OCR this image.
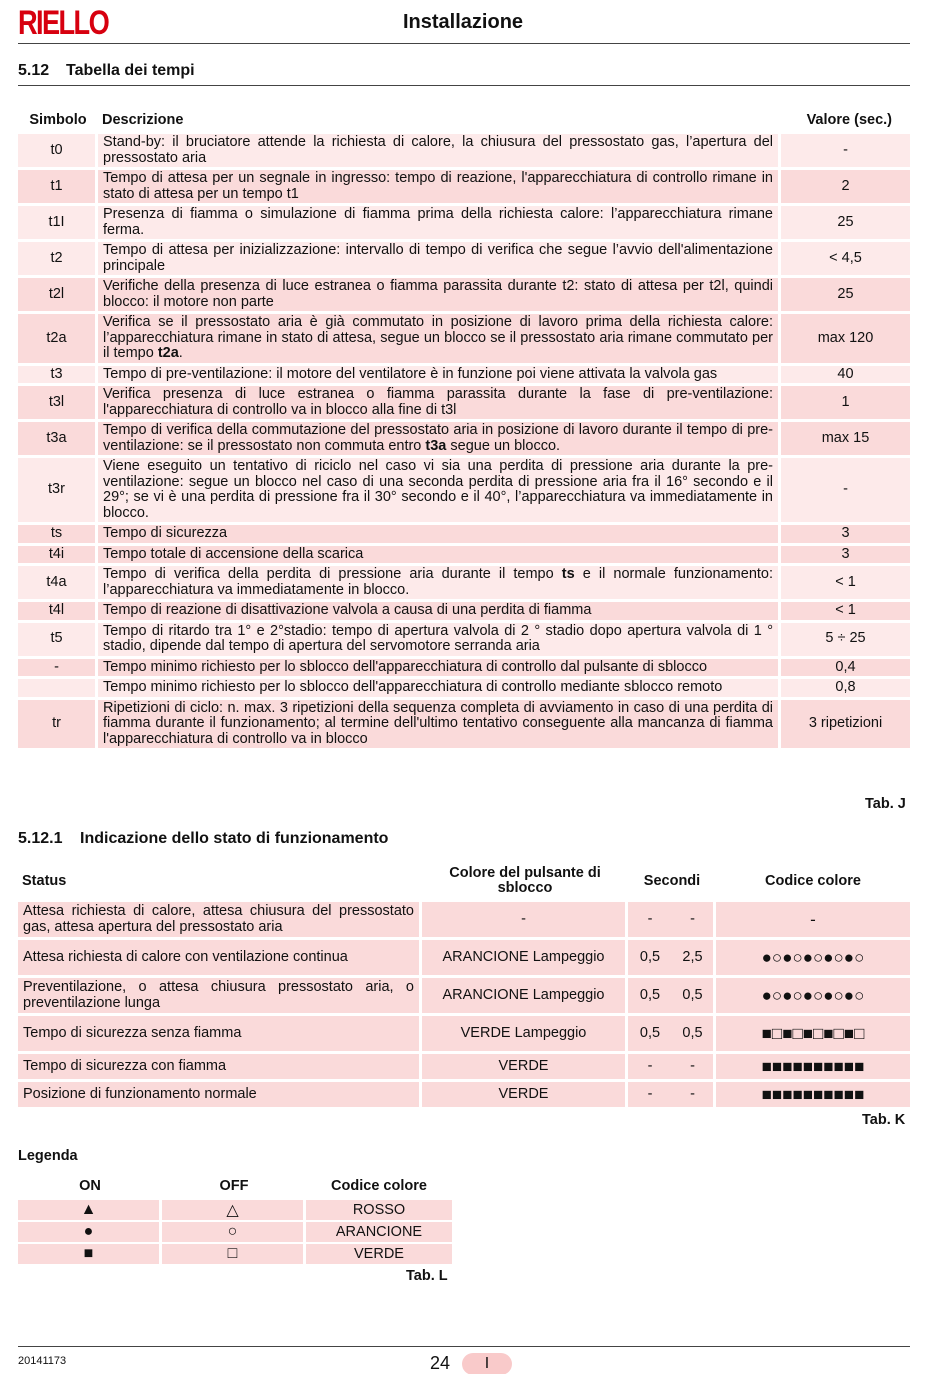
RIELLO	Installazione
5.12 Tabella dei tempi
Simbolo	Descrizione	Valore (sec.)
t0	Stand-by: il bruciatore attende la richiesta di calore, la chiusura del pressostato gas, l’apertura del pressostato aria	-
t1	Tempo di attesa per un segnale in ingresso: tempo di reazione, l'apparecchiatura di controllo rimane in stato di attesa per un tempo t1	2
t1I	Presenza di fiamma o simulazione di fiamma prima della richiesta calore: l’apparecchiatura rimane ferma.	25
t2	Tempo di attesa per inizializzazione: intervallo di tempo di verifica che segue l’avvio dell'alimentazione principale	< 4,5
t2l	Verifiche della presenza di luce estranea o fiamma parassita durante t2: stato di attesa per t2l, quindi blocco: il motore non parte	25
t2a	Verifica se il pressostato aria è già commutato in posizione di lavoro prima della richiesta calore: l’apparecchiatura rimane in stato di attesa, segue un blocco se il pressostato aria rimane commutato per il tempo t2a.	max 120
t3	Tempo di pre-ventilazione: il motore del ventilatore è in funzione poi viene attivata la valvola gas	40
t3l	Verifica presenza di luce estranea o fiamma parassita durante la fase di pre-ventilazione: l'apparecchiatura di controllo va in blocco alla fine di t3l	1
t3a	Tempo di verifica della commutazione del pressostato aria in posizione di lavoro durante il tempo di pre-ventilazione: se il pressostato non commuta entro t3a segue un blocco.	max 15
t3r	Viene eseguito un tentativo di riciclo nel caso vi sia una perdita di pressione aria durante la pre-ventilazione: segue un blocco nel caso di una seconda perdita di pressione aria fra il 16° secondo e il 29°; se vi è una perdita di pressione fra il 30° secondo e il 40°, l’apparecchiatura va immediatamente in blocco.	-
ts	Tempo di sicurezza	3
t4i	Tempo totale di accensione della scarica	3
t4a	Tempo di verifica della perdita di pressione aria durante il tempo ts e il normale funzionamento: l’apparecchiatura va immediatamente in blocco.	< 1
t4l	Tempo di reazione di disattivazione valvola a causa di una perdita di fiamma	< 1
t5	Tempo di ritardo tra 1° e 2°stadio: tempo di apertura valvola di 2 ° stadio dopo apertura valvola di 1 ° stadio, dipende dal tempo di apertura del servomotore serranda aria	5 ÷ 25
-	Tempo minimo richiesto per lo sblocco dell'apparecchiatura di controllo dal pulsante di sblocco	0,4
	Tempo minimo richiesto per lo sblocco dell'apparecchiatura di controllo mediante sblocco remoto	0,8
tr	Ripetizioni di ciclo: n. max. 3 ripetizioni della sequenza completa di avviamento in caso di una perdita di fiamma durante il funzionamento; al termine dell'ultimo tentativo conseguente alla mancanza di fiamma l'apparecchiatura di controllo va in blocco	3 ripetizioni
Tab. J
5.12.1 Indicazione dello stato di funzionamento
Status	Colore del pulsante di sblocco	Secondi		Codice colore
Attesa richiesta di calore, attesa chiusura del pressostato gas, attesa apertura del pressostato aria	-	-	-	-
Attesa richiesta di calore con ventilazione continua	ARANCIONE Lampeggio	0,5	2,5	●○●○●○●○●○
Preventilazione, o attesa chiusura pressostato aria, o preventilazione lunga	ARANCIONE Lampeggio	0,5	0,5	●○●○●○●○●○
Tempo di sicurezza senza fiamma	VERDE Lampeggio	0,5	0,5	■□■□■□■□■□
Tempo di sicurezza con fiamma	VERDE	-	-	■■■■■■■■■■
Posizione di funzionamento normale	VERDE	-	-	■■■■■■■■■■
Tab. K
Legenda
ON	OFF	Codice colore
▲	△	ROSSO
●	○	ARANCIONE
■	□	VERDE
Tab. L
20141173	24	I
